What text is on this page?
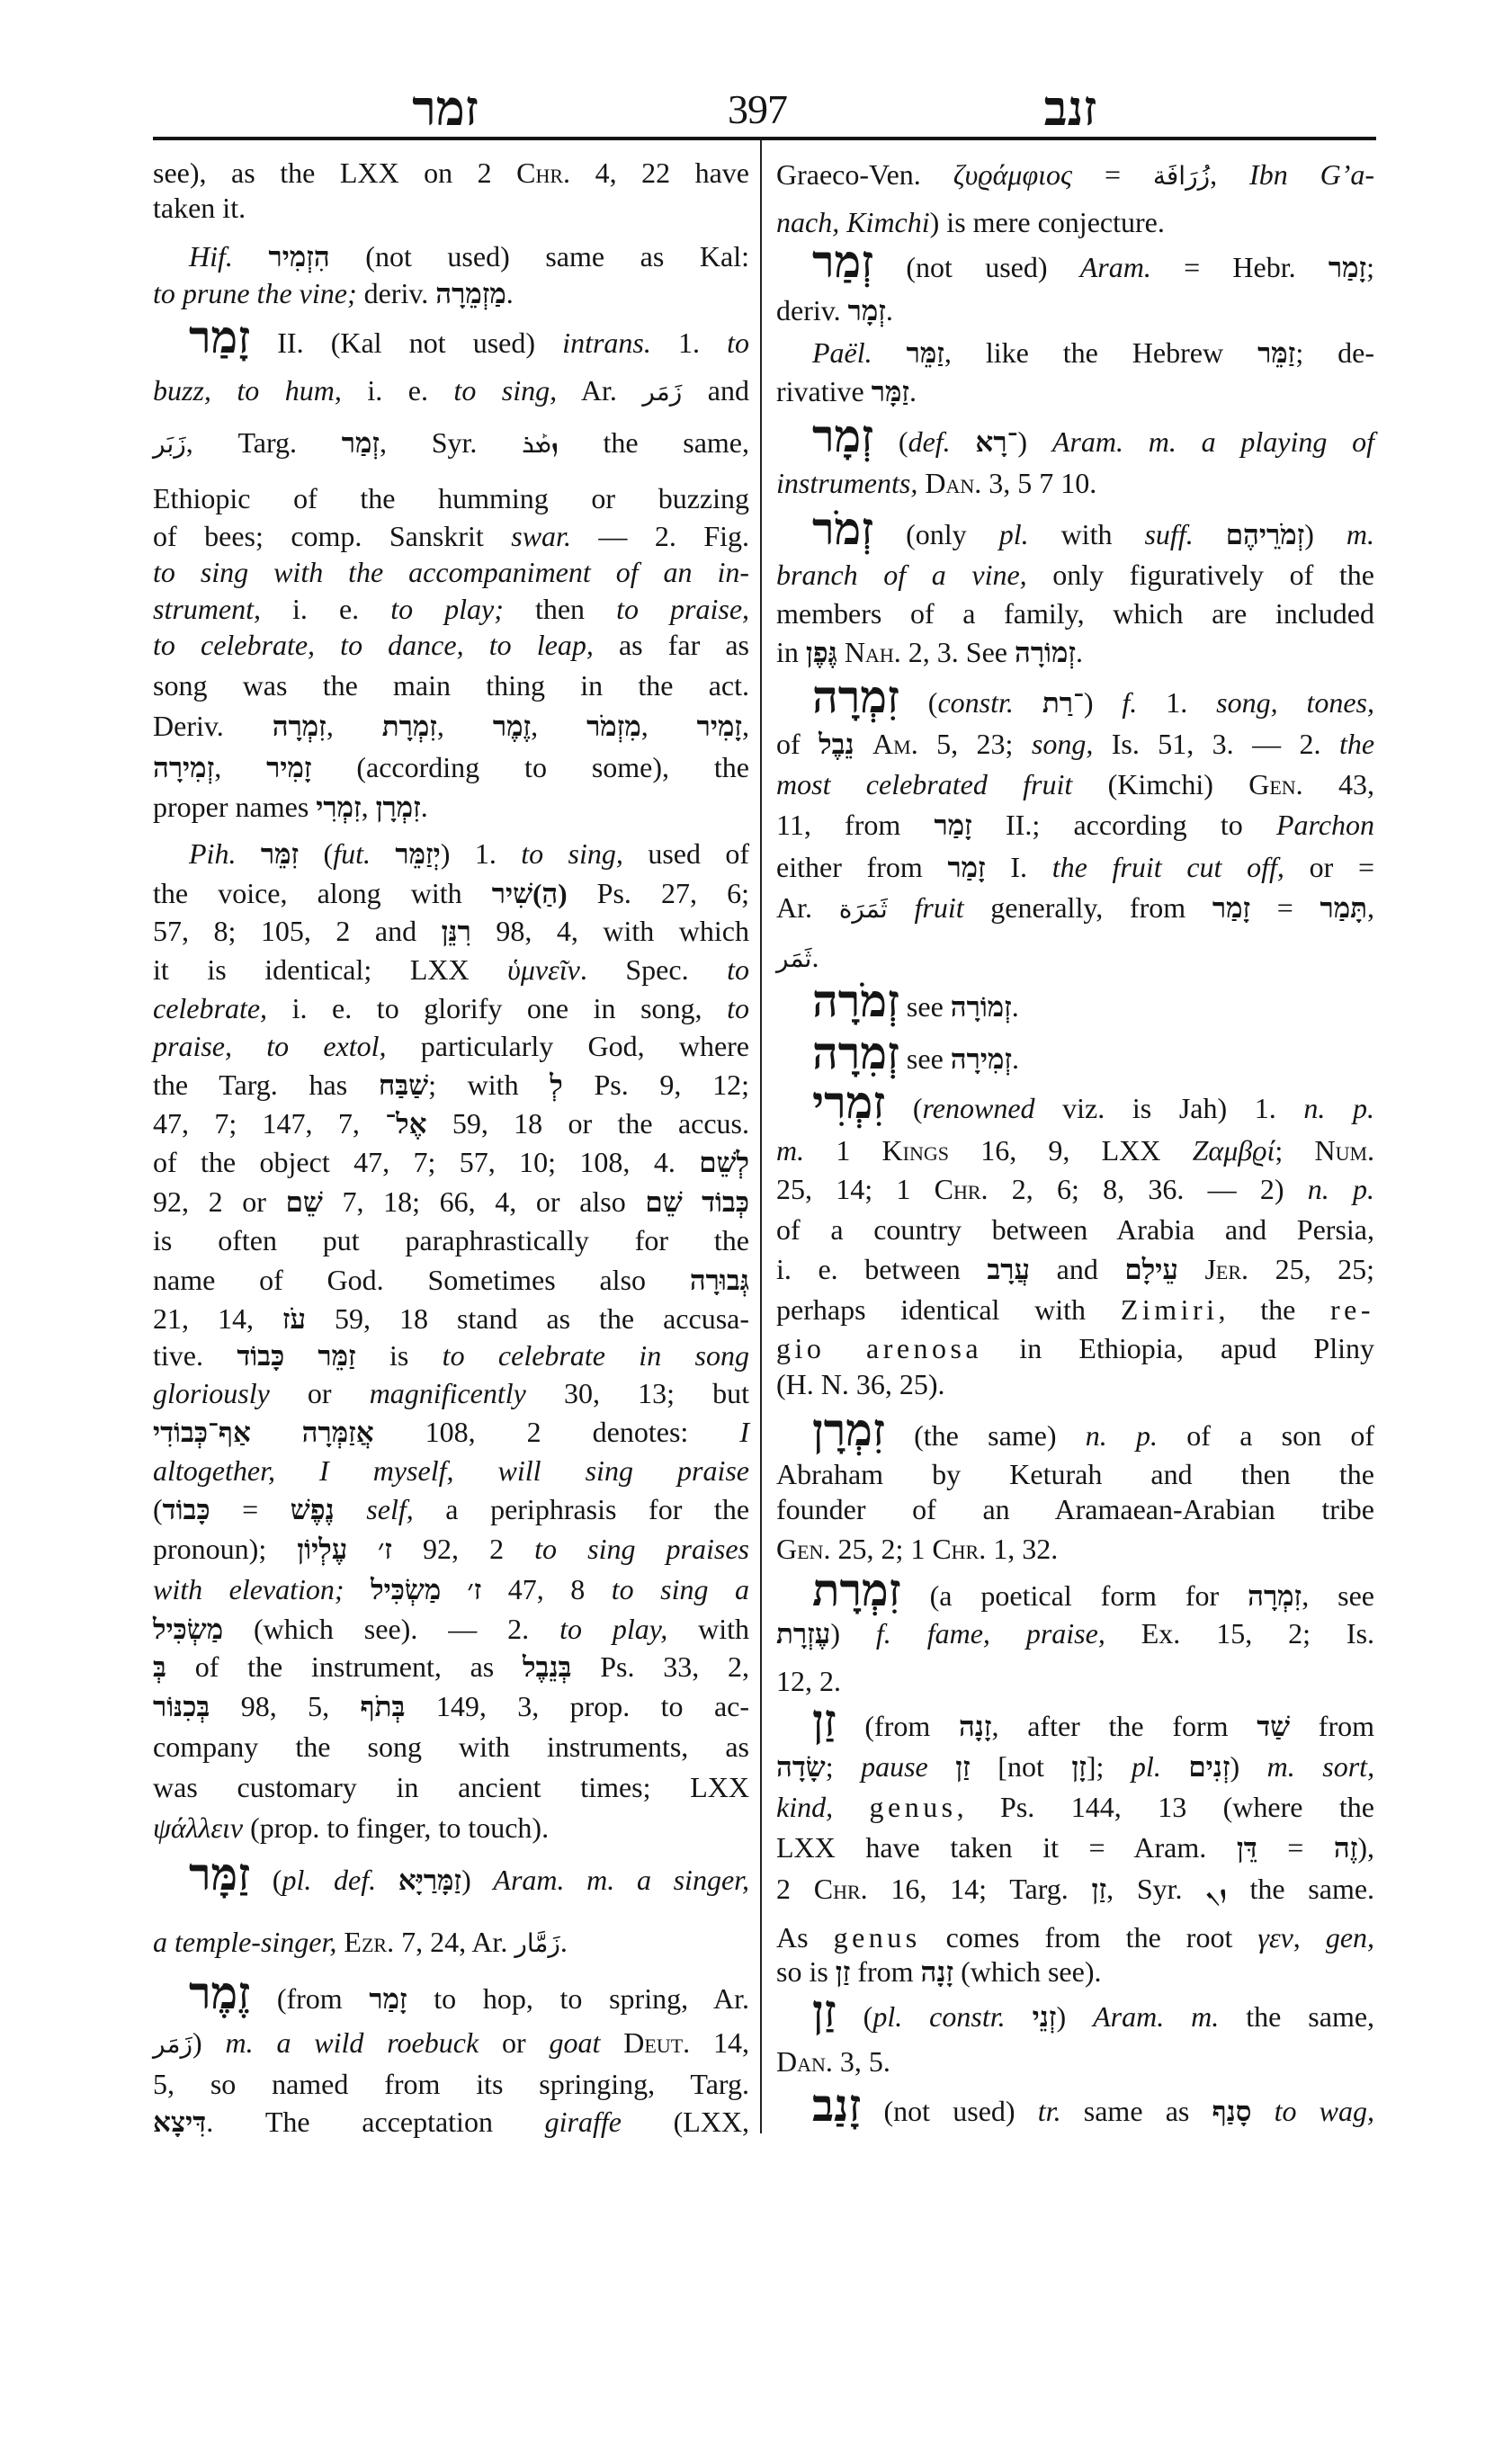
זמר	397	זנב
see), as the LXX on 2 Chr. 4, 22 have
taken it.
Hif. הִזְמִיר (not used) same as Kal:
to prune the vine; deriv. מַזְמֵרָה.
זָמַר II. (Kal not used) intrans. 1. to
buzz, to hum, i. e. to sing, Ar. زَمَر and
زَبَر, Targ. זְמַר, Syr. ܙܡܰܪ the same,
Ethiopic of the humming or buzzing
of bees; comp. Sanskrit swar. — 2. Fig.
to sing with the accompaniment of an in-
strument, i. e. to play; then to praise,
to celebrate, to dance, to leap, as far as
song was the main thing in the act.
Deriv. זִמְרָה, זִמְרָת, זֶמֶר, מִזְמֹר, זָמִיר,
זְמִירָה, זָמִיר (according to some), the
proper names זִמְרִי, זִמְרָן.
Pih. זִמֵּר (fut. יְזַמֵּר) 1. to sing, used of
the voice, along with (הַ)שִׁיר Ps. 27, 6;
57, 8; 105, 2 and רִנֵּן 98, 4, with which
it is identical; LXX ὑμνεῖν. Spec. to
celebrate, i. e. to glorify one in song, to
praise, to extol, particularly God, where
the Targ. has שַׁבַּח; with לְ Ps. 9, 12;
47, 7; 147, 7, אֶל־ 59, 18 or the accus.
of the object 47, 7; 57, 10; 108, 4. לְשֵׁם
92, 2 or שֵׁם 7, 18; 66, 4, or also כְּבוֹד שֵׁם
is often put paraphrastically for the
name of God. Sometimes also גְּבוּרָה
21, 14, עֹז 59, 18 stand as the accusa-
tive. זַמֵּר כָּבוֹד is to celebrate in song
gloriously or magnificently 30, 13; but
אֲזַמְּרָה אַף־כְּבוֹדִי 108, 2 denotes: I
altogether, I myself, will sing praise
(כָּבוֹד = נֶפֶשׁ self, a periphrasis for the
pronoun); ז׳ עֶלְיוֹן 92, 2 to sing praises
with elevation; ז׳ מַשְׂכִּיל 47, 8 to sing a
מַשְׂכִּיל (which see). — 2. to play, with
בְּ of the instrument, as בְּנֵבֶל Ps. 33, 2,
בְּכִנּוֹר 98, 5, בְּתֹף 149, 3, prop. to ac-
company the song with instruments, as
was customary in ancient times; LXX
ψάλλειν (prop. to finger, to touch).
זַמָּר (pl. def. זַמָּרַיָּא) Aram. m. a singer,
a temple-singer, Ezr. 7, 24, Ar. زَمَّار.
זֶמֶר (from זָמַר to hop, to spring, Ar.
زَمَر) m. a wild roebuck or goat Deut. 14,
5, so named from its springing, Targ.
דִּיצָא. The acceptation giraffe (LXX,
Graeco-Ven. ζυϱάμφιος = زُرَافَة, Ibn G’a-
nach, Kimchi) is mere conjecture.
זְמַר (not used) Aram. = Hebr. זָמַר;
deriv. זְמָר.
Paël. זַמֵּר, like the Hebrew זַמֵּר; de-
rivative זַמָּר.
זְמָר (def. ־רָא) Aram. m. a playing of
instruments, Dan. 3, 5 7 10.
זְמֹר (only pl. with suff. זְמֹרֵיהֶם) m.
branch of a vine, only figuratively of the
members of a family, which are included
in גֶּפֶן Nah. 2, 3. See זְמוֹרָה.
זִמְרָה (constr. ־רַת) f. 1. song, tones,
of נֵבֶל Am. 5, 23; song, Is. 51, 3. — 2. the
most celebrated fruit (Kimchi) Gen. 43,
11, from זָמַר II.; according to Parchon
either from זָמַר I. the fruit cut off, or =
Ar. ثَمَرَة fruit generally, from זָמַר = תָּמַר,
ثَمَر.
זְמֹרָה see זְמוֹרָה.
זְמִרָה see זְמִירָה.
זִמְרִי (renowned viz. is Jah) 1. n. p.
m. 1 Kings 16, 9, LXX Ζαμβϱί; Num.
25, 14; 1 Chr. 2, 6; 8, 36. — 2) n. p.
of a country between Arabia and Persia,
i. e. between עֲרָב and עֵילָם Jer. 25, 25;
perhaps identical with Zimiri, the re-
gio arenosa in Ethiopia, apud Pliny
(H. N. 36, 25).
זִמְרָן (the same) n. p. of a son of
Abraham by Keturah and then the
founder of an Aramaean-Arabian tribe
Gen. 25, 2; 1 Chr. 1, 32.
זִמְרָת (a poetical form for זִמְרָה, see
עֶזְרָת) f. fame, praise, Ex. 15, 2; Is.
12, 2.
זַן (from זָנָה, after the form שַׁד from
שָׂדָה; pause זַן [not זָן]; pl. זְנִים) m. sort,
kind, genus, Ps. 144, 13 (where the
LXX have taken it = Aram. דֵּן = זֶה),
2 Chr. 16, 14; Targ. זַן, Syr. ܙܢ the same.
As genus comes from the root γεν, gen,
so is זַן from זָנָה (which see).
זַן (pl. constr. זְנֵי) Aram. m. the same,
Dan. 3, 5.
זָנַב (not used) tr. same as סָנַף to wag,
